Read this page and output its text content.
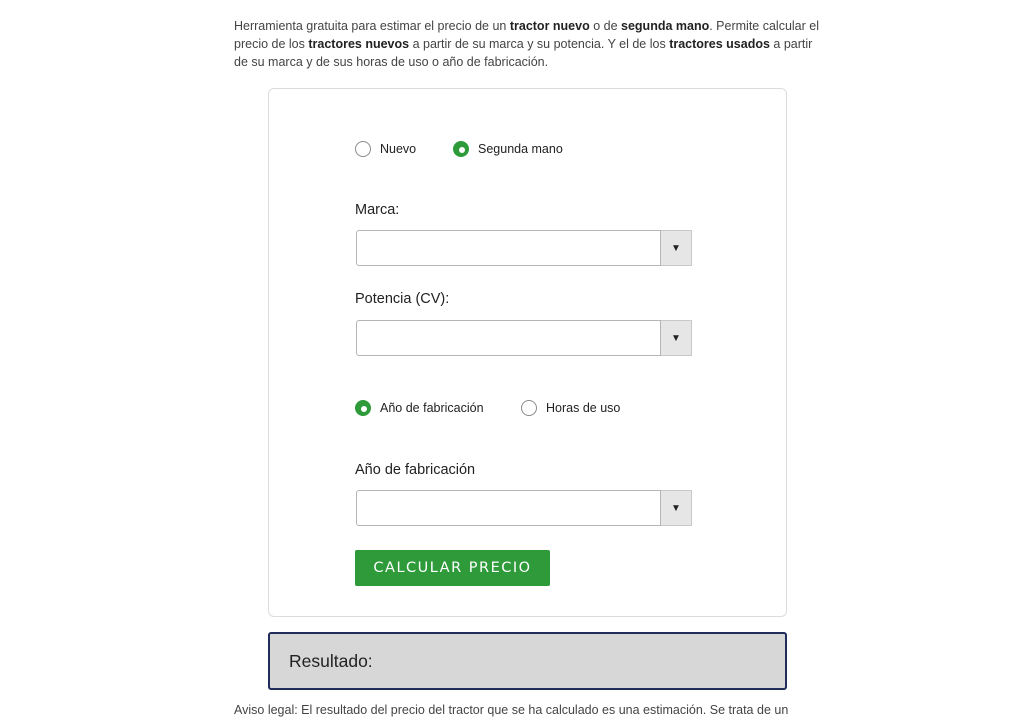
Herramienta gratuita para estimar el precio de un tractor nuevo o de segunda mano. Permite calcular el precio de los tractores nuevos a partir de su marca y su potencia. Y el de los tractores usados a partir de su marca y de sus horas de uso o año de fabricación.
Nuevo	Segunda mano
Marca:
▼
Potencia (CV):
▼
Año de fabricación	Horas de uso
Año de fabricación
▼
CALCULAR PRECIO
Resultado:
Aviso legal: El resultado del precio del tractor que se ha calculado es una estimación. Se trata de un
